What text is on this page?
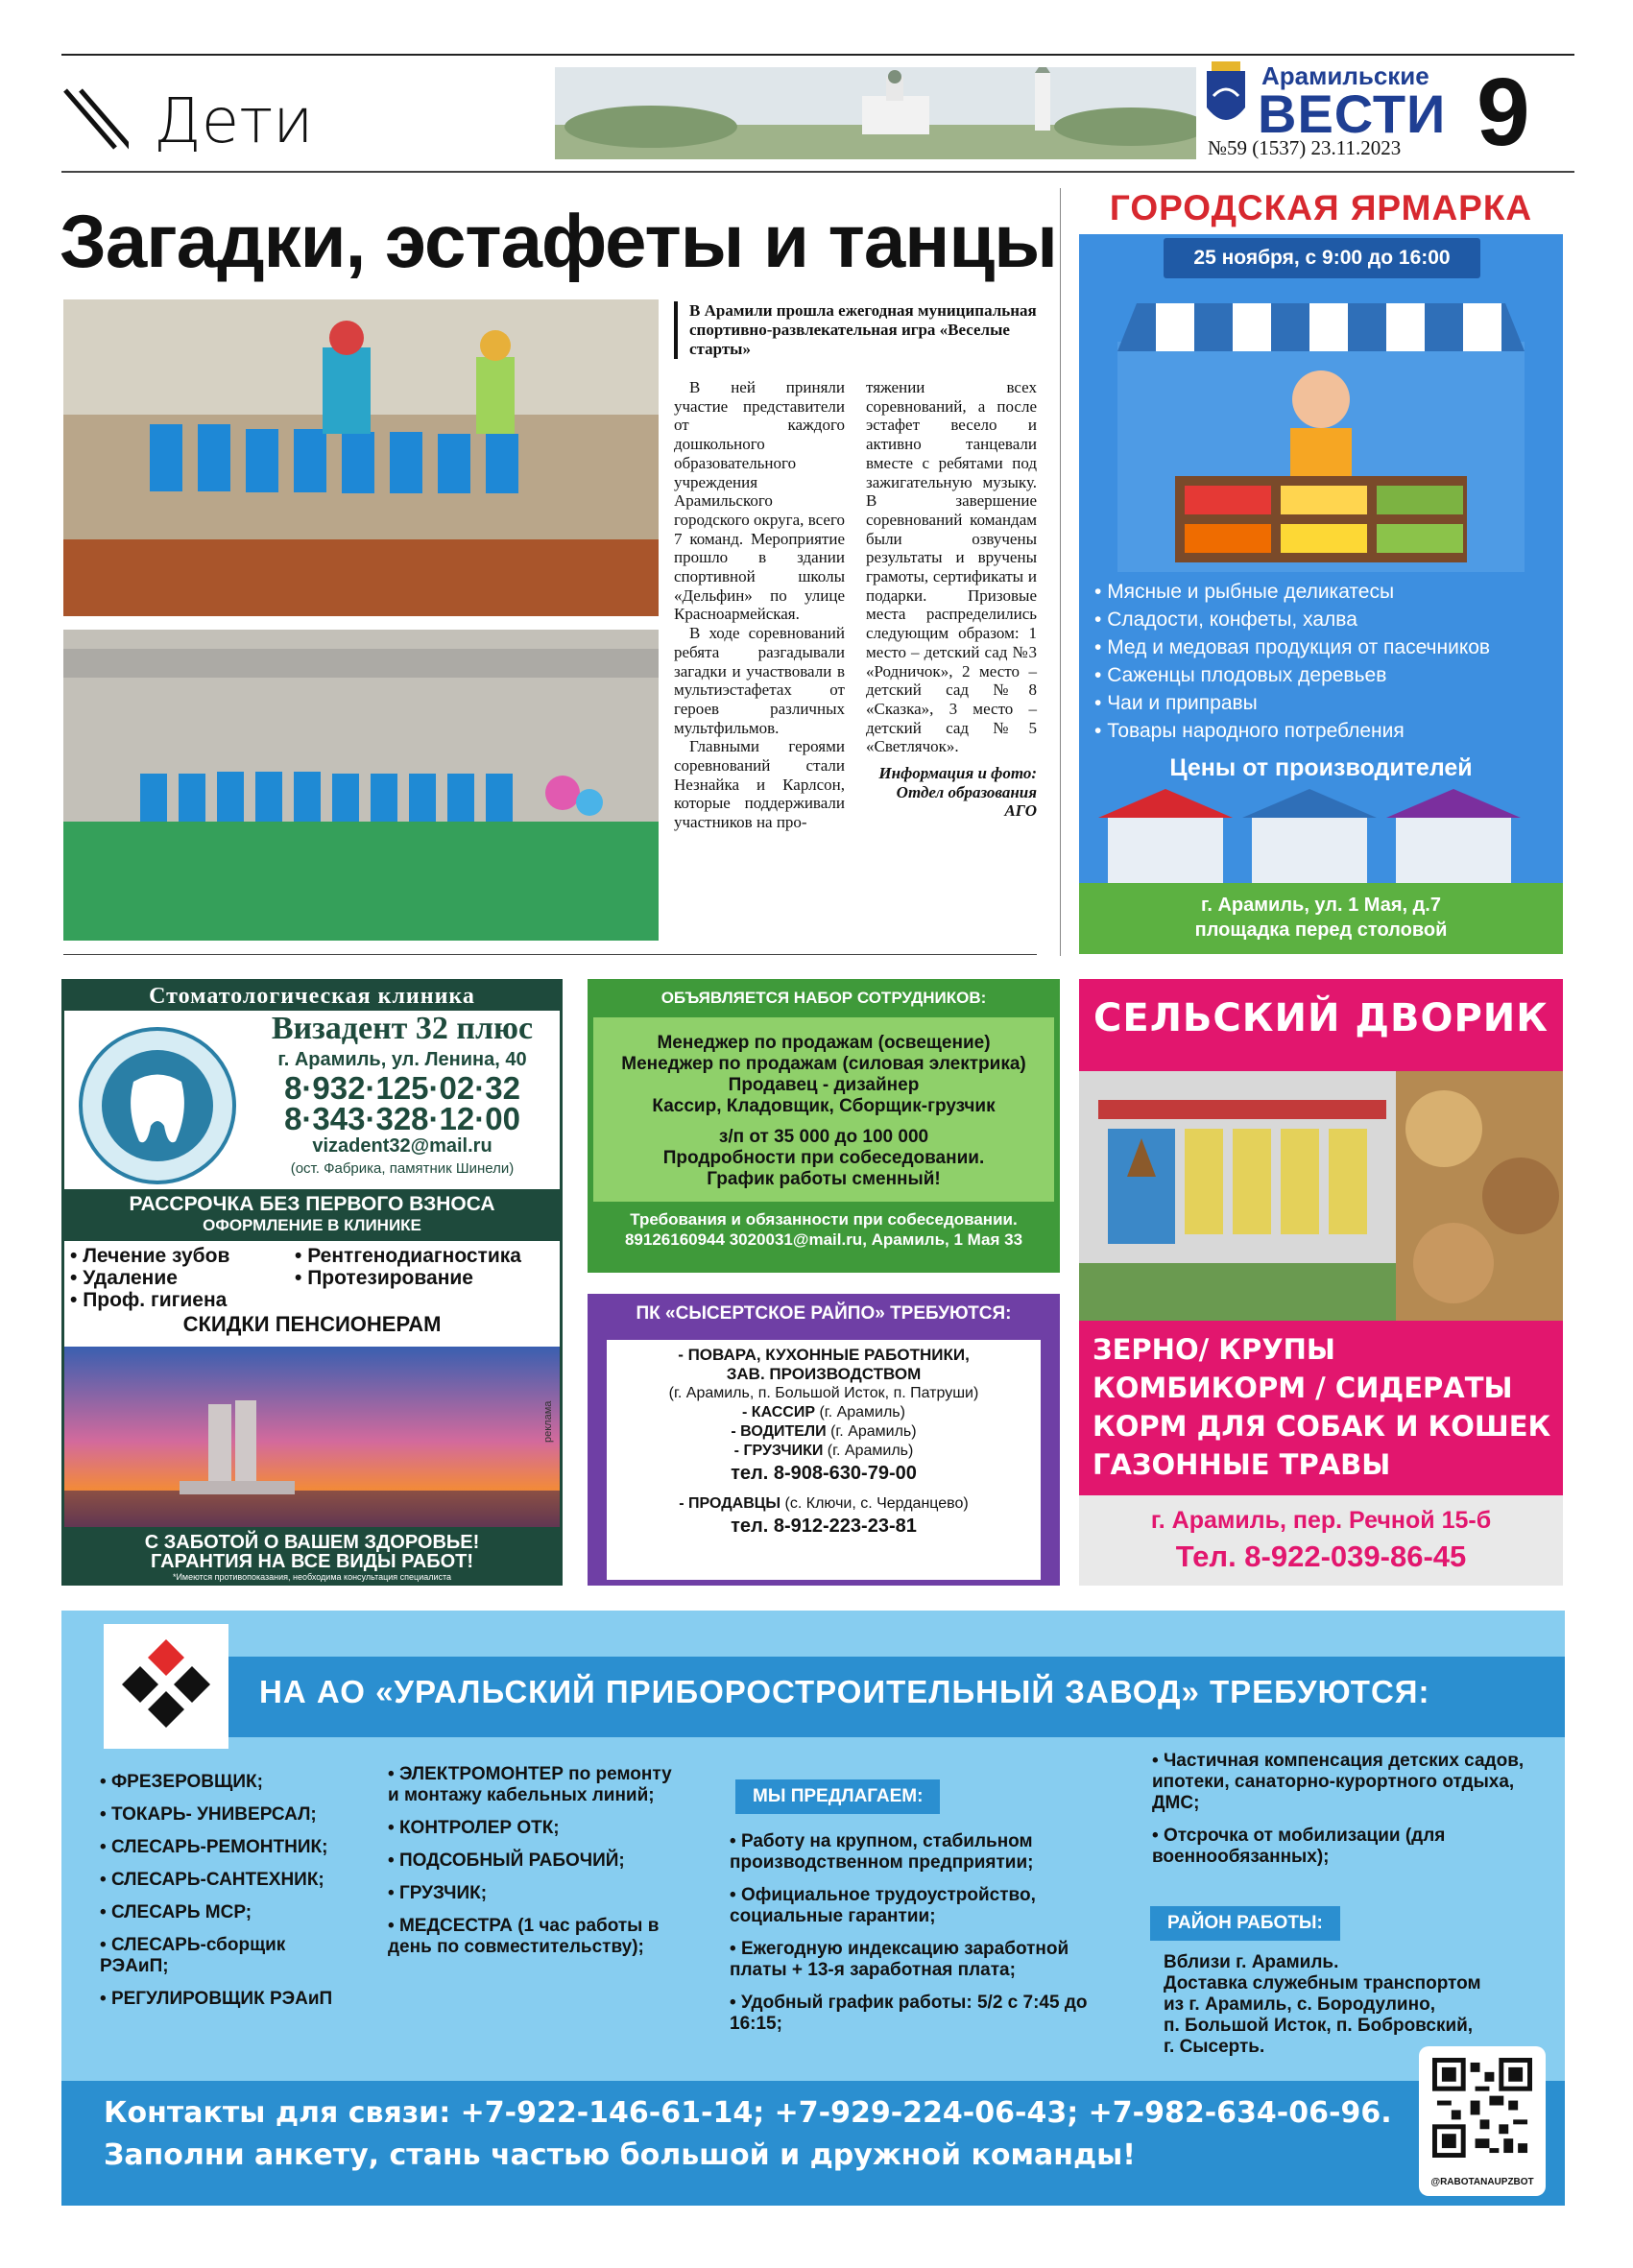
Дети
Арамильские
ВЕСТИ
№59 (1537) 23.11.2023 9
Загадки, эстафеты и танцы
В Арамили прошла ежегодная муниципальная спортивно-развлекательная игра «Веселые старты»

В ней приняли участие представители от каждого дошкольного образовательного учреждения Арамильского городского округа, всего 7 команд. Мероприятие прошло в здании спортивной школы «Дельфин» по улице Красноармейская.

В ходе соревнований ребята разгадывали загадки и участвовали в мультиэстафетах от героев различных мультфильмов.

Главными героями соревнований стали Незнайка и Карлсон, которые поддерживали участников на про-

тяжении всех соревнований, а после эстафет весело и активно танцевали вместе с ребятами под зажигательную музыку. В завершение соревнований командам были озвучены результаты и вручены грамоты, сертификаты и подарки. Призовые места распределились следующим образом: 1 место – детский сад №3 «Родничок», 2 место – детский сад №8 «Сказка», 3 место – детский сад №5 «Светлячок».

Информация и фото: Отдел образования АГО
ГОРОДСКАЯ ЯРМАРКА
25 ноября, с 9:00 до 16:00
• Мясные и рыбные деликатесы
• Сладости, конфеты, халва
• Мед и медовая продукция от пасечников
• Саженцы плодовых деревьев
• Чаи и приправы
• Товары народного потребления
Цены от производителей
г. Арамиль, ул. 1 Мая, д.7
площадка перед столовой
Стоматологическая клиника
Визадент 32 плюс
г. Арамиль, ул. Ленина, 40
8·932·125·02·32
8·343·328·12·00
vizadent32@mail.ru
(ост. Фабрика, памятник Шинели)
РАССРОЧКА БЕЗ ПЕРВОГО ВЗНОСА
ОФОРМЛЕНИЕ В КЛИНИКЕ
• Лечение зубов
• Удаление
• Проф. гигиена
• Рентгенодиагностика
• Протезирование
СКИДКИ ПЕНСИОНЕРАМ
С ЗАБОТОЙ О ВАШЕМ ЗДОРОВЬЕ!
ГАРАНТИЯ НА ВСЕ ВИДЫ РАБОТ!
*Имеются противопоказания, необходима консультация специалиста
реклама
ОБЪЯВЛЯЕТСЯ НАБОР СОТРУДНИКОВ:
Менеджер по продажам (освещение)
Менеджер по продажам (силовая электрика)
Продавец - дизайнер
Кассир, Кладовщик, Сборщик-грузчик
з/п от 35 000 до 100 000
Продробности при собеседовании.
График работы сменный!
Требования и обязанности при собеседовании.
89126160944 3020031@mail.ru, Арамиль, 1 Мая 33
ПК «СЫСЕРТСКОЕ РАЙПО» ТРЕБУЮТСЯ:
- ПОВАРА, КУХОННЫЕ РАБОТНИКИ,
ЗАВ. ПРОИЗВОДСТВОМ
(г. Арамиль, п. Большой Исток, п. Патруши)
- КАССИР (г. Арамиль)
- ВОДИТЕЛИ (г. Арамиль)
- ГРУЗЧИКИ (г. Арамиль)
тел. 8-908-630-79-00
- ПРОДАВЦЫ (с. Ключи, с. Черданцево)
тел. 8-912-223-23-81
СЕЛЬСКИЙ ДВОРИК
ЗЕРНО/ КРУПЫ
КОМБИКОРМ / СИДЕРАТЫ
КОРМ ДЛЯ СОБАК И КОШЕК
ГАЗОННЫЕ ТРАВЫ
г. Арамиль, пер. Речной 15-б
Тел. 8-922-039-86-45
НА АО «УРАЛЬСКИЙ ПРИБОРОСТРОИТЕЛЬНЫЙ ЗАВОД» ТРЕБУЮТСЯ:
• ФРЕЗЕРОВЩИК;
• ТОКАРЬ- УНИВЕРСАЛ;
• СЛЕСАРЬ-РЕМОНТНИК;
• СЛЕСАРЬ-САНТЕХНИК;
• СЛЕСАРЬ МСР;
• СЛЕСАРЬ-сборщик РЭАиП;
• РЕГУЛИРОВЩИК РЭАиП
• ЭЛЕКТРОМОНТЕР по ремонту и монтажу кабельных линий;
• КОНТРОЛЕР ОТК;
• ПОДСОБНЫЙ РАБОЧИЙ;
• ГРУЗЧИК;
• МЕДСЕСТРА (1 час работы в день по совместительству);
МЫ ПРЕДЛАГАЕМ:
• Работу на крупном, стабильном производственном предприятии;
• Официальное трудоустройство, социальные гарантии;
• Ежегодную индексацию заработной платы + 13-я заработная плата;
• Удобный график работы: 5/2 с 7:45 до 16:15;
• Частичная компенсация детских садов, ипотеки, санаторно-курортного отдыха, ДМС;
• Отсрочка от мобилизации (для военнообязанных);
РАЙОН РАБОТЫ:
Вблизи г. Арамиль.
Доставка служебным транспортом
из г. Арамиль, с. Бородулино,
п. Большой Исток, п. Бобровский,
г. Сысерть.
Контакты для связи: +7-922-146-61-14; +7-929-224-06-43; +7-982-634-06-96.
Заполни анкету, стань частью большой и дружной команды!
@RABOTANAUPZBOT
